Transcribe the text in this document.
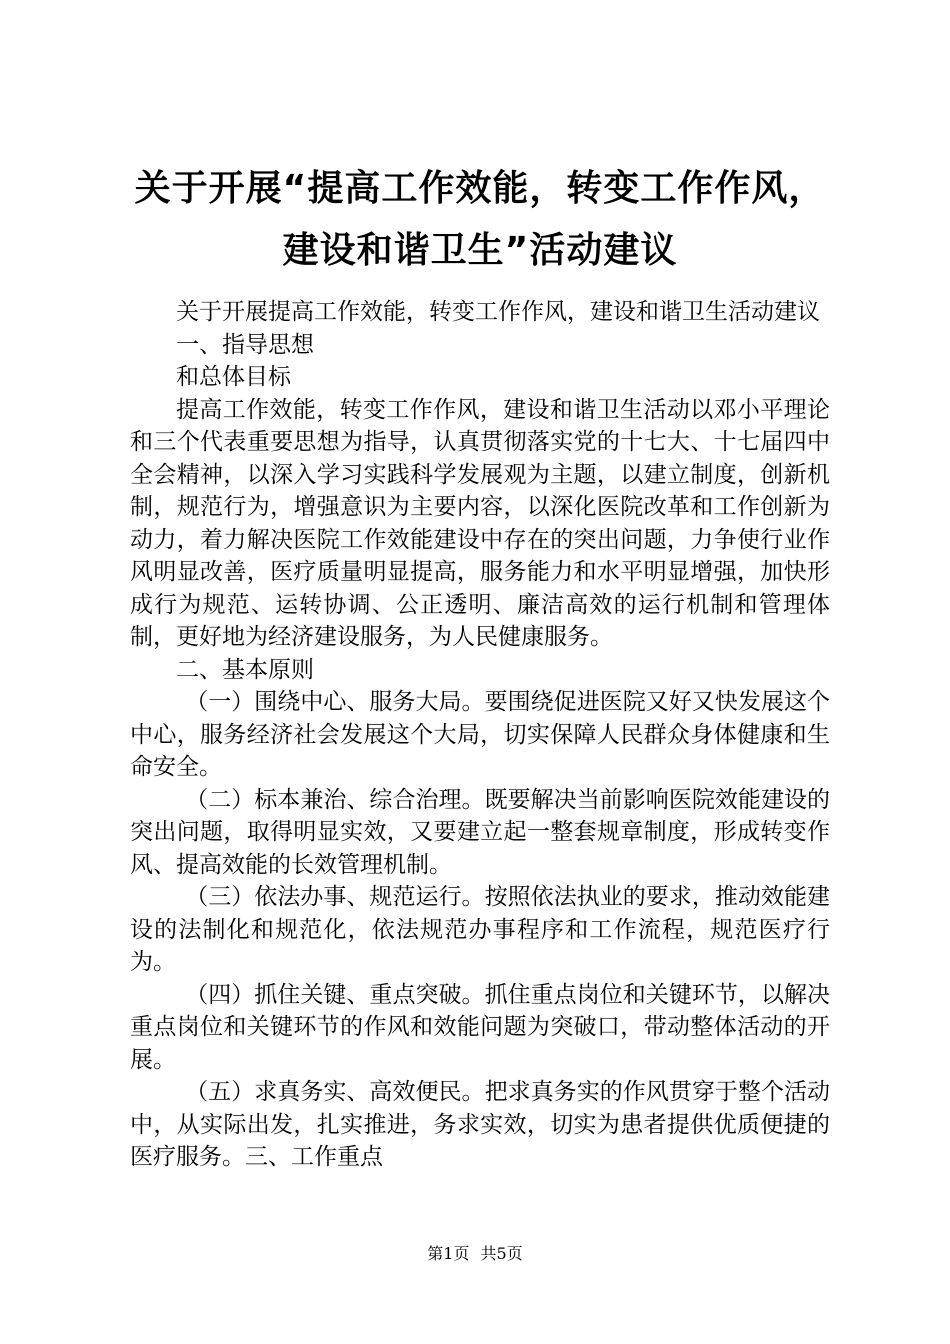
关于开展“提高工作效能，转变工作作风，建设和谐卫生”活动建议

关于开展提高工作效能，转变工作作风，建设和谐卫生活动建议

一、指导思想

和总体目标

提高工作效能，转变工作作风，建设和谐卫生活动以邓小平理论和三个代表重要思想为指导，认真贯彻落实党的十七大、十七届四中全会精神，以深入学习实践科学发展观为主题，以建立制度，创新机制，规范行为，增强意识为主要内容，以深化医院改革和工作创新为动力，着力解决医院工作效能建设中存在的突出问题，力争使行业作风明显改善，医疗质量明显提高，服务能力和水平明显增强，加快形成行为规范、运转协调、公正透明、廉洁高效的运行机制和管理体制，更好地为经济建设服务，为人民健康服务。

二、基本原则

（一）围绕中心、服务大局。要围绕促进医院又好又快发展这个中心，服务经济社会发展这个大局，切实保障人民群众身体健康和生命安全。

（二）标本兼治、综合治理。既要解决当前影响医院效能建设的突出问题，取得明显实效，又要建立起一整套规章制度，形成转变作风、提高效能的长效管理机制。

（三）依法办事、规范运行。按照依法执业的要求，推动效能建设的法制化和规范化，依法规范办事程序和工作流程，规范医疗行为。

（四）抓住关键、重点突破。抓住重点岗位和关键环节，以解决重点岗位和关键环节的作风和效能问题为突破口，带动整体活动的开展。

（五）求真务实、高效便民。把求真务实的作风贯穿于整个活动中，从实际出发，扎实推进，务求实效，切实为患者提供优质便捷的医疗服务。三、工作重点

第1页 共5页
